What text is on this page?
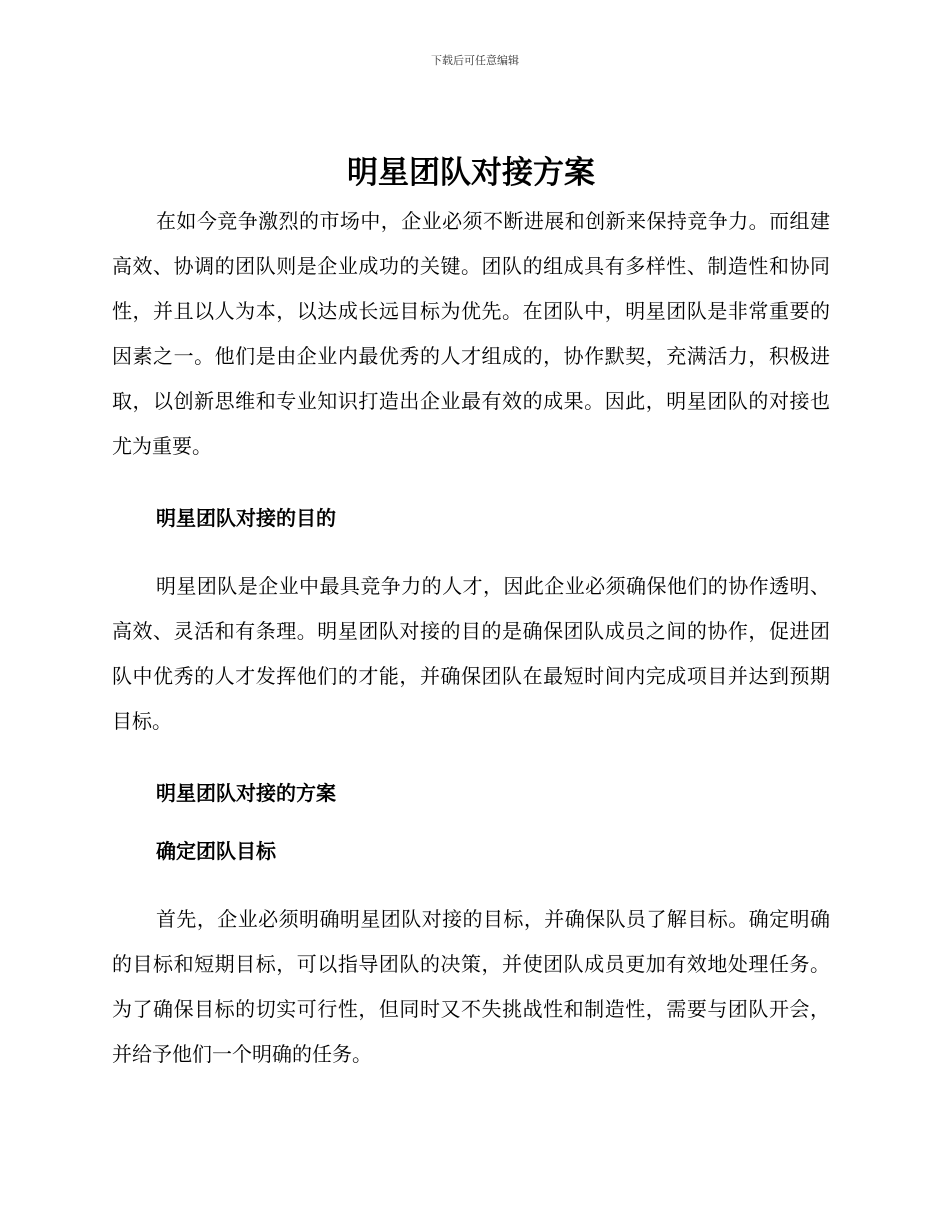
下载后可任意编辑
明星团队对接方案

在如今竞争激烈的市场中，企业必须不断进展和创新来保持竞争力。而组建高效、协调的团队则是企业成功的关键。团队的组成具有多样性、制造性和协同性，并且以人为本，以达成长远目标为优先。在团队中，明星团队是非常重要的因素之一。他们是由企业内最优秀的人才组成的，协作默契，充满活力，积极进取，以创新思维和专业知识打造出企业最有效的成果。因此，明星团队的对接也尤为重要。

明星团队对接的目的

明星团队是企业中最具竞争力的人才，因此企业必须确保他们的协作透明、高效、灵活和有条理。明星团队对接的目的是确保团队成员之间的协作，促进团队中优秀的人才发挥他们的才能，并确保团队在最短时间内完成项目并达到预期目标。

明星团队对接的方案
确定团队目标

首先，企业必须明确明星团队对接的目标，并确保队员了解目标。确定明确的目标和短期目标，可以指导团队的决策，并使团队成员更加有效地处理任务。为了确保目标的切实可行性，但同时又不失挑战性和制造性，需要与团队开会，并给予他们一个明确的任务。
